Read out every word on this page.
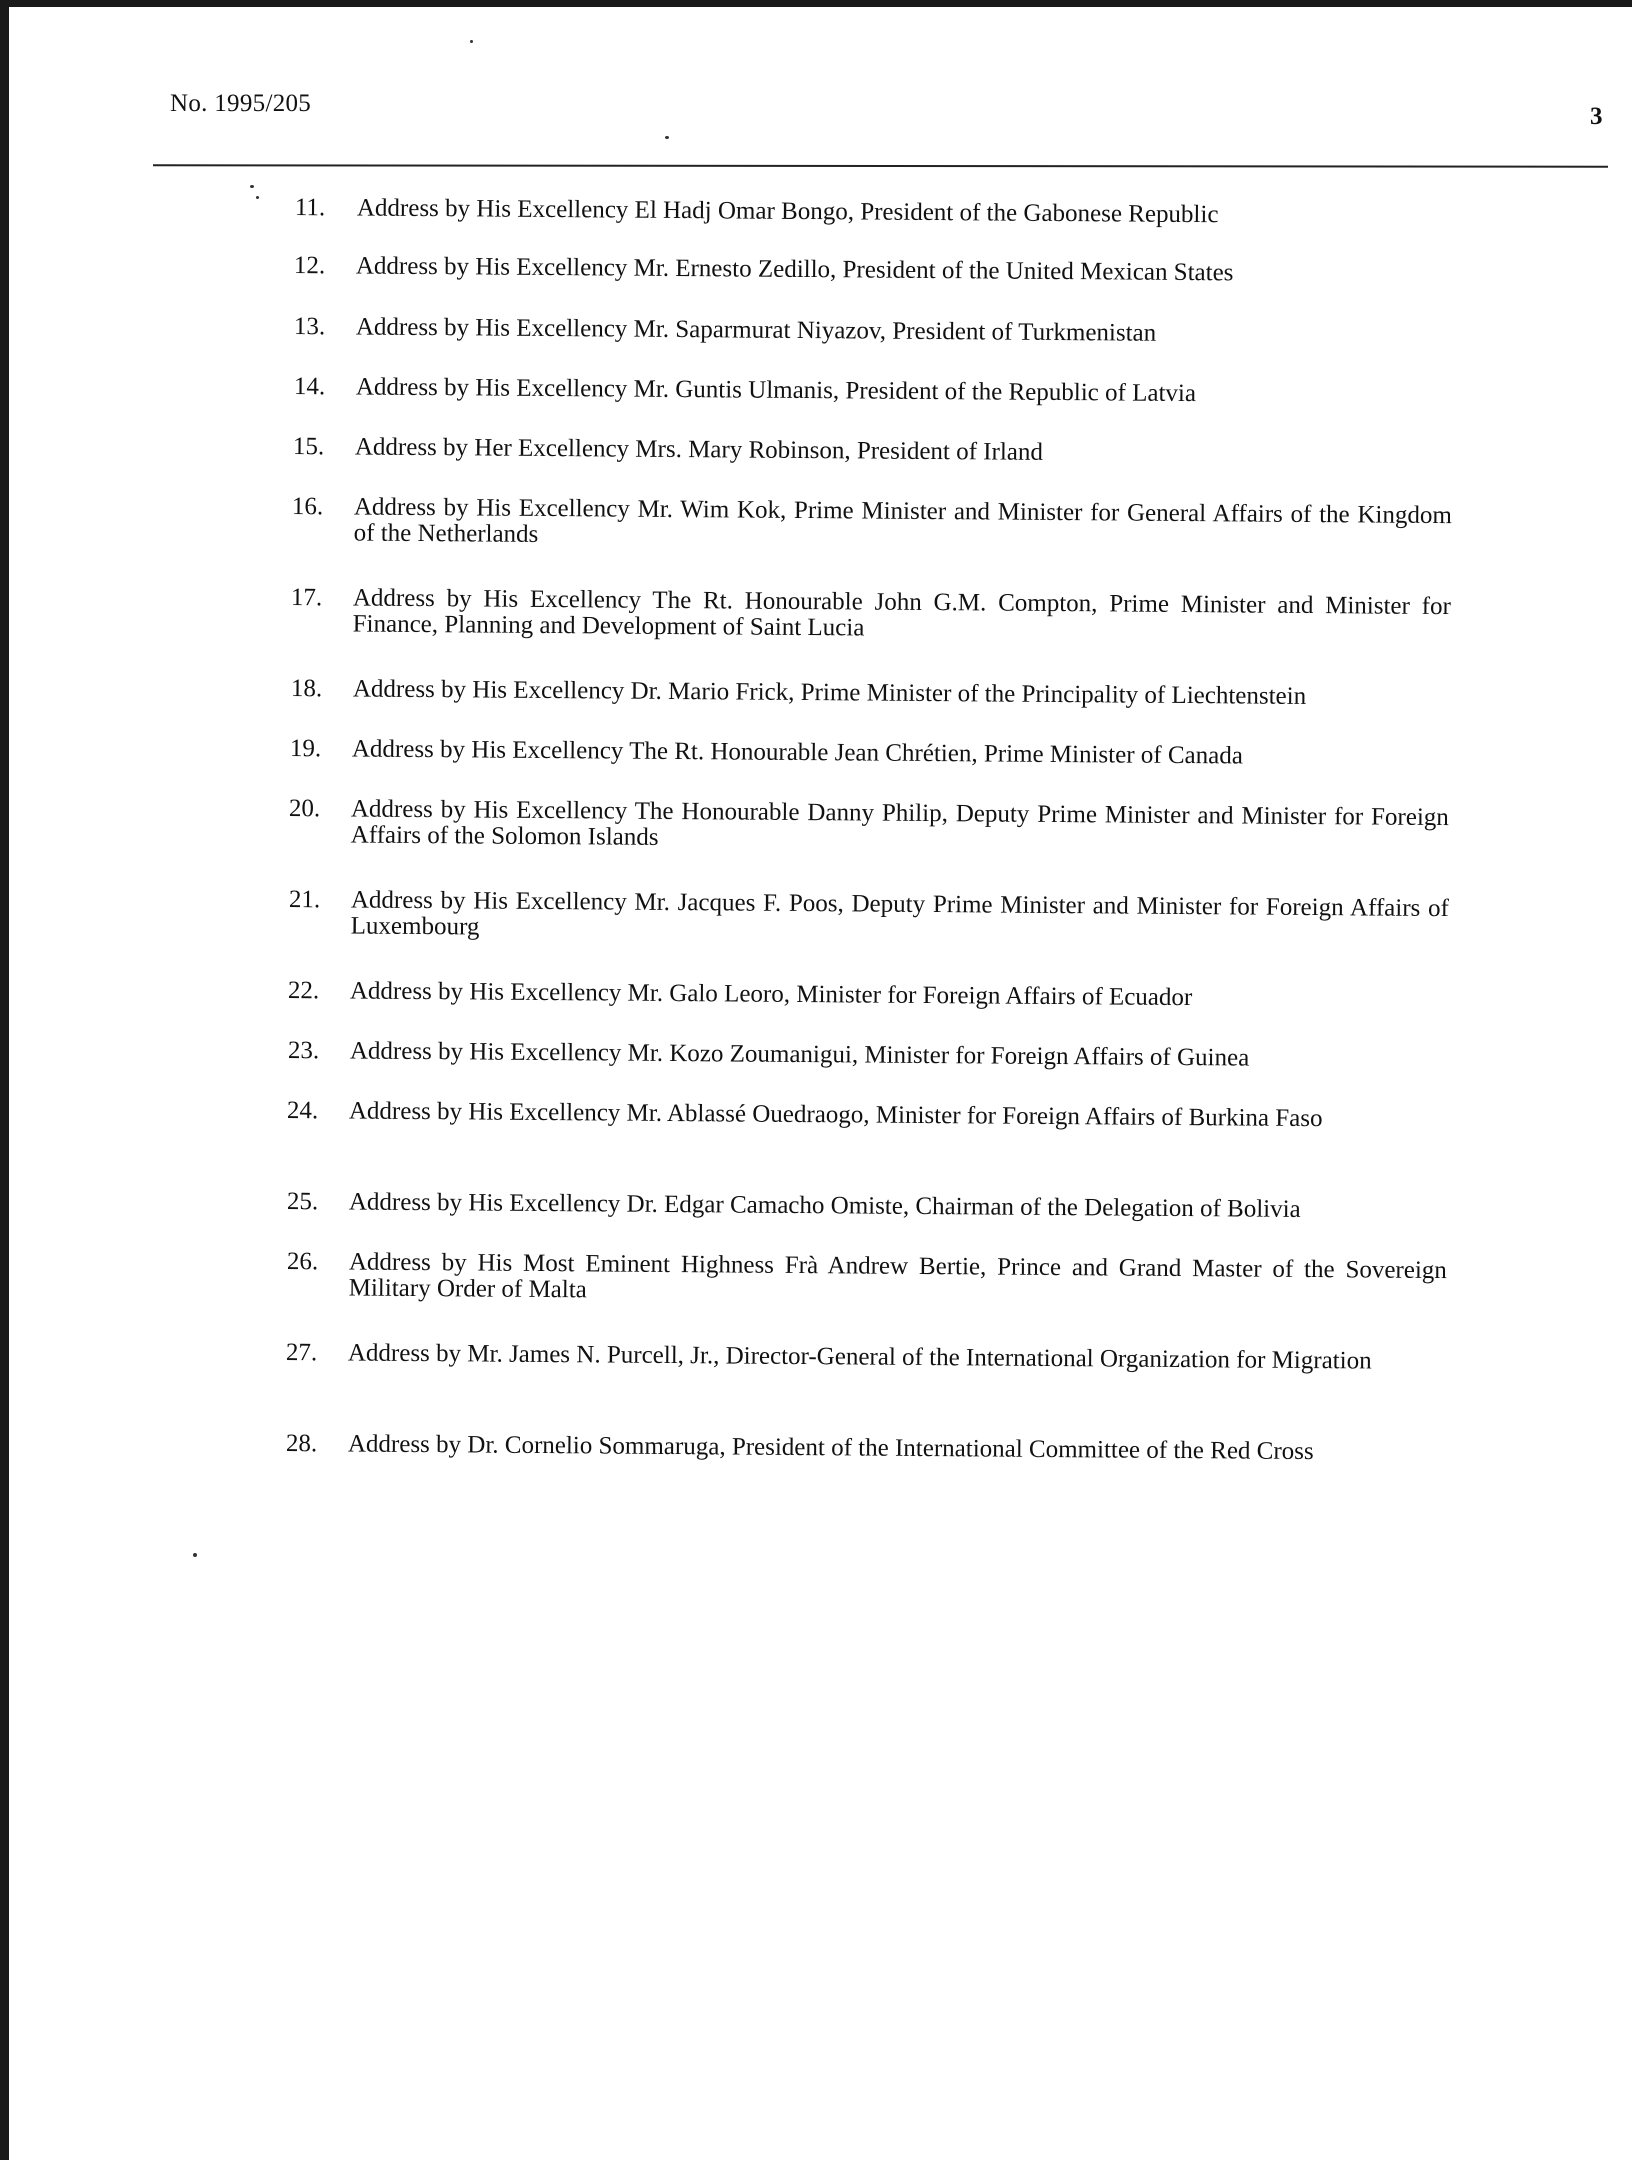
No. 1995/205	3
11.	Address by His Excellency El Hadj Omar Bongo, President of the Gabonese Republic
12.	Address by His Excellency Mr. Ernesto Zedillo, President of the United Mexican States
13.	Address by His Excellency Mr. Saparmurat Niyazov, President of Turkmenistan
14.	Address by His Excellency Mr. Guntis Ulmanis, President of the Republic of Latvia
15.	Address by Her Excellency Mrs. Mary Robinson, President of Irland
16.	Address by His Excellency Mr. Wim Kok, Prime Minister and Minister for General Affairs of the Kingdom of the Netherlands
17.	Address by His Excellency The Rt. Honourable John G.M. Compton, Prime Minister and Minister for Finance, Planning and Development of Saint Lucia
18.	Address by His Excellency Dr. Mario Frick, Prime Minister of the Principality of Liechtenstein
19.	Address by His Excellency The Rt. Honourable Jean Chrétien, Prime Minister of Canada
20.	Address by His Excellency The Honourable Danny Philip, Deputy Prime Minister and Minister for Foreign Affairs of the Solomon Islands
21.	Address by His Excellency Mr. Jacques F. Poos, Deputy Prime Minister and Minister for Foreign Affairs of Luxembourg
22.	Address by His Excellency Mr. Galo Leoro, Minister for Foreign Affairs of Ecuador
23.	Address by His Excellency Mr. Kozo Zoumanigui, Minister for Foreign Affairs of Guinea
24.	Address by His Excellency Mr. Ablassé Ouedraogo, Minister for Foreign Affairs of Burkina Faso
25.	Address by His Excellency Dr. Edgar Camacho Omiste, Chairman of the Delegation of Bolivia
26.	Address by His Most Eminent Highness Frà Andrew Bertie, Prince and Grand Master of the Sovereign Military Order of Malta
27.	Address by Mr. James N. Purcell, Jr., Director-General of the International Organization for Migration
28.	Address by Dr. Cornelio Sommaruga, President of the International Committee of the Red Cross
